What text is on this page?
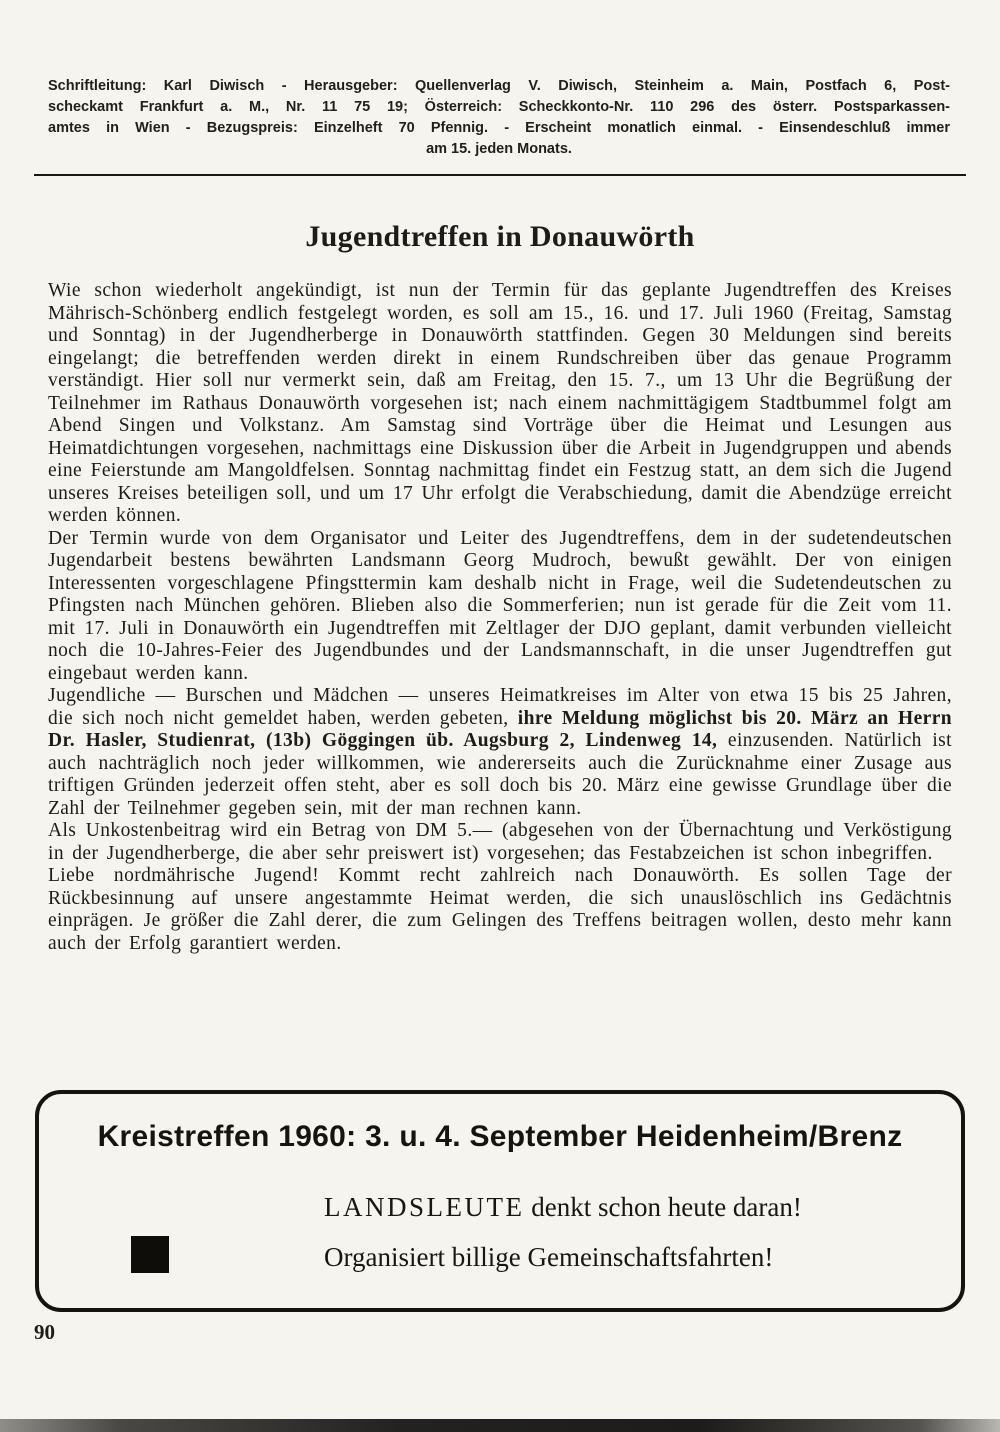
Schriftleitung: Karl Diwisch - Herausgeber: Quellenverlag V. Diwisch, Steinheim a. Main, Postfach 6, Post-
scheckamt Frankfurt a. M., Nr. 11 75 19; Österreich: Scheckkonto-Nr. 110 296 des österr. Postsparkassen-
amtes in Wien - Bezugspreis: Einzelheft 70 Pfennig. - Erscheint monatlich einmal. - Einsendeschluß immer
am 15. jeden Monats.
Jugendtreffen in Donauwörth

Wie schon wiederholt angekündigt, ist nun der Termin für das geplante Jugendtreffen des Kreises Mährisch-Schönberg endlich festgelegt worden, es soll am 15., 16. und 17. Juli 1960 (Freitag, Samstag und Sonntag) in der Jugendherberge in Donauwörth stattfinden. Gegen 30 Meldungen sind bereits eingelangt; die betreffenden werden direkt in einem Rundschreiben über das genaue Programm verständigt. Hier soll nur vermerkt sein, daß am Freitag, den 15. 7., um 13 Uhr die Begrüßung der Teilnehmer im Rathaus Donauwörth vorgesehen ist; nach einem nachmittägigem Stadtbummel folgt am Abend Singen und Volkstanz. Am Samstag sind Vorträge über die Heimat und Lesungen aus Heimatdichtungen vorgesehen, nachmittags eine Diskussion über die Arbeit in Jugendgruppen und abends eine Feierstunde am Mangoldfelsen. Sonntag nachmittag findet ein Festzug statt, an dem sich die Jugend unseres Kreises beteiligen soll, und um 17 Uhr erfolgt die Verabschiedung, damit die Abendzüge erreicht werden können.

Der Termin wurde von dem Organisator und Leiter des Jugendtreffens, dem in der sudetendeutschen Jugendarbeit bestens bewährten Landsmann Georg Mudroch, bewußt gewählt. Der von einigen Interessenten vorgeschlagene Pfingsttermin kam deshalb nicht in Frage, weil die Sudetendeutschen zu Pfingsten nach München gehören. Blieben also die Sommerferien; nun ist gerade für die Zeit vom 11. mit 17. Juli in Donauwörth ein Jugendtreffen mit Zeltlager der DJO geplant, damit verbunden vielleicht noch die 10-Jahres-Feier des Jugendbundes und der Landsmannschaft, in die unser Jugendtreffen gut eingebaut werden kann.

Jugendliche — Burschen und Mädchen — unseres Heimatkreises im Alter von etwa 15 bis 25 Jahren, die sich noch nicht gemeldet haben, werden gebeten, ihre Meldung möglichst bis 20. März an Herrn Dr. Hasler, Studienrat, (13b) Göggingen üb. Augsburg 2, Lindenweg 14, einzusenden. Natürlich ist auch nachträglich noch jeder willkommen, wie andererseits auch die Zurücknahme einer Zusage aus triftigen Gründen jederzeit offen steht, aber es soll doch bis 20. März eine gewisse Grundlage über die Zahl der Teilnehmer gegeben sein, mit der man rechnen kann.

Als Unkostenbeitrag wird ein Betrag von DM 5.— (abgesehen von der Übernachtung und Verköstigung in der Jugendherberge, die aber sehr preiswert ist) vorgesehen; das Festabzeichen ist schon inbegriffen.

Liebe nordmährische Jugend! Kommt recht zahlreich nach Donauwörth. Es sollen Tage der Rückbesinnung auf unsere angestammte Heimat werden, die sich unauslöschlich ins Gedächtnis einprägen. Je größer die Zahl derer, die zum Gelingen des Treffens beitragen wollen, desto mehr kann auch der Erfolg garantiert werden.

Kreistreffen 1960: 3. u. 4. September Heidenheim/Brenz
LANDSLEUTE denkt schon heute daran!
Organisiert billige Gemeinschaftsfahrten!
90
